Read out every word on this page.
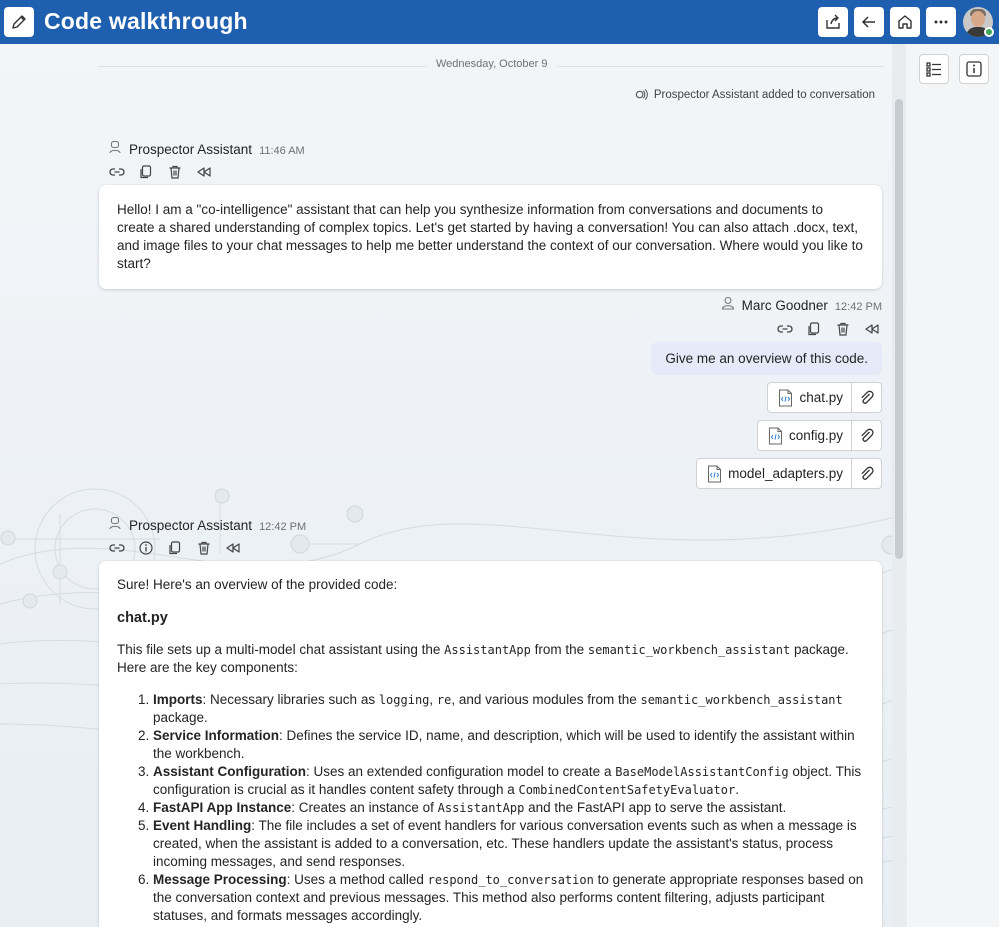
Code walkthrough
Wednesday, October 9
Prospector Assistant added to conversation
Prospector Assistant 11:46 AM
Hello! I am a "co-intelligence" assistant that can help you synthesize information from conversations and documents to create a shared understanding of complex topics. Let's get started by having a conversation! You can also attach .docx, text, and image files to your chat messages to help me better understand the context of our conversation. Where would you like to start?
Marc Goodner 12:42 PM
Give me an overview of this code.
chat.py
config.py
model_adapters.py
Prospector Assistant 12:42 PM
Sure! Here's an overview of the provided code:
chat.py
This file sets up a multi-model chat assistant using the AssistantApp from the semantic_workbench_assistant package. Here are the key components:
1. Imports: Necessary libraries such as logging, re, and various modules from the semantic_workbench_assistant package.
2. Service Information: Defines the service ID, name, and description, which will be used to identify the assistant within the workbench.
3. Assistant Configuration: Uses an extended configuration model to create a BaseModelAssistantConfig object. This configuration is crucial as it handles content safety through a CombinedContentSafetyEvaluator.
4. FastAPI App Instance: Creates an instance of AssistantApp and the FastAPI app to serve the assistant.
5. Event Handling: The file includes a set of event handlers for various conversation events such as when a message is created, when the assistant is added to a conversation, etc. These handlers update the assistant's status, process incoming messages, and send responses.
6. Message Processing: Uses a method called respond_to_conversation to generate appropriate responses based on the conversation context and previous messages. This method also performs content filtering, adjusts participant statuses, and formats messages accordingly.
